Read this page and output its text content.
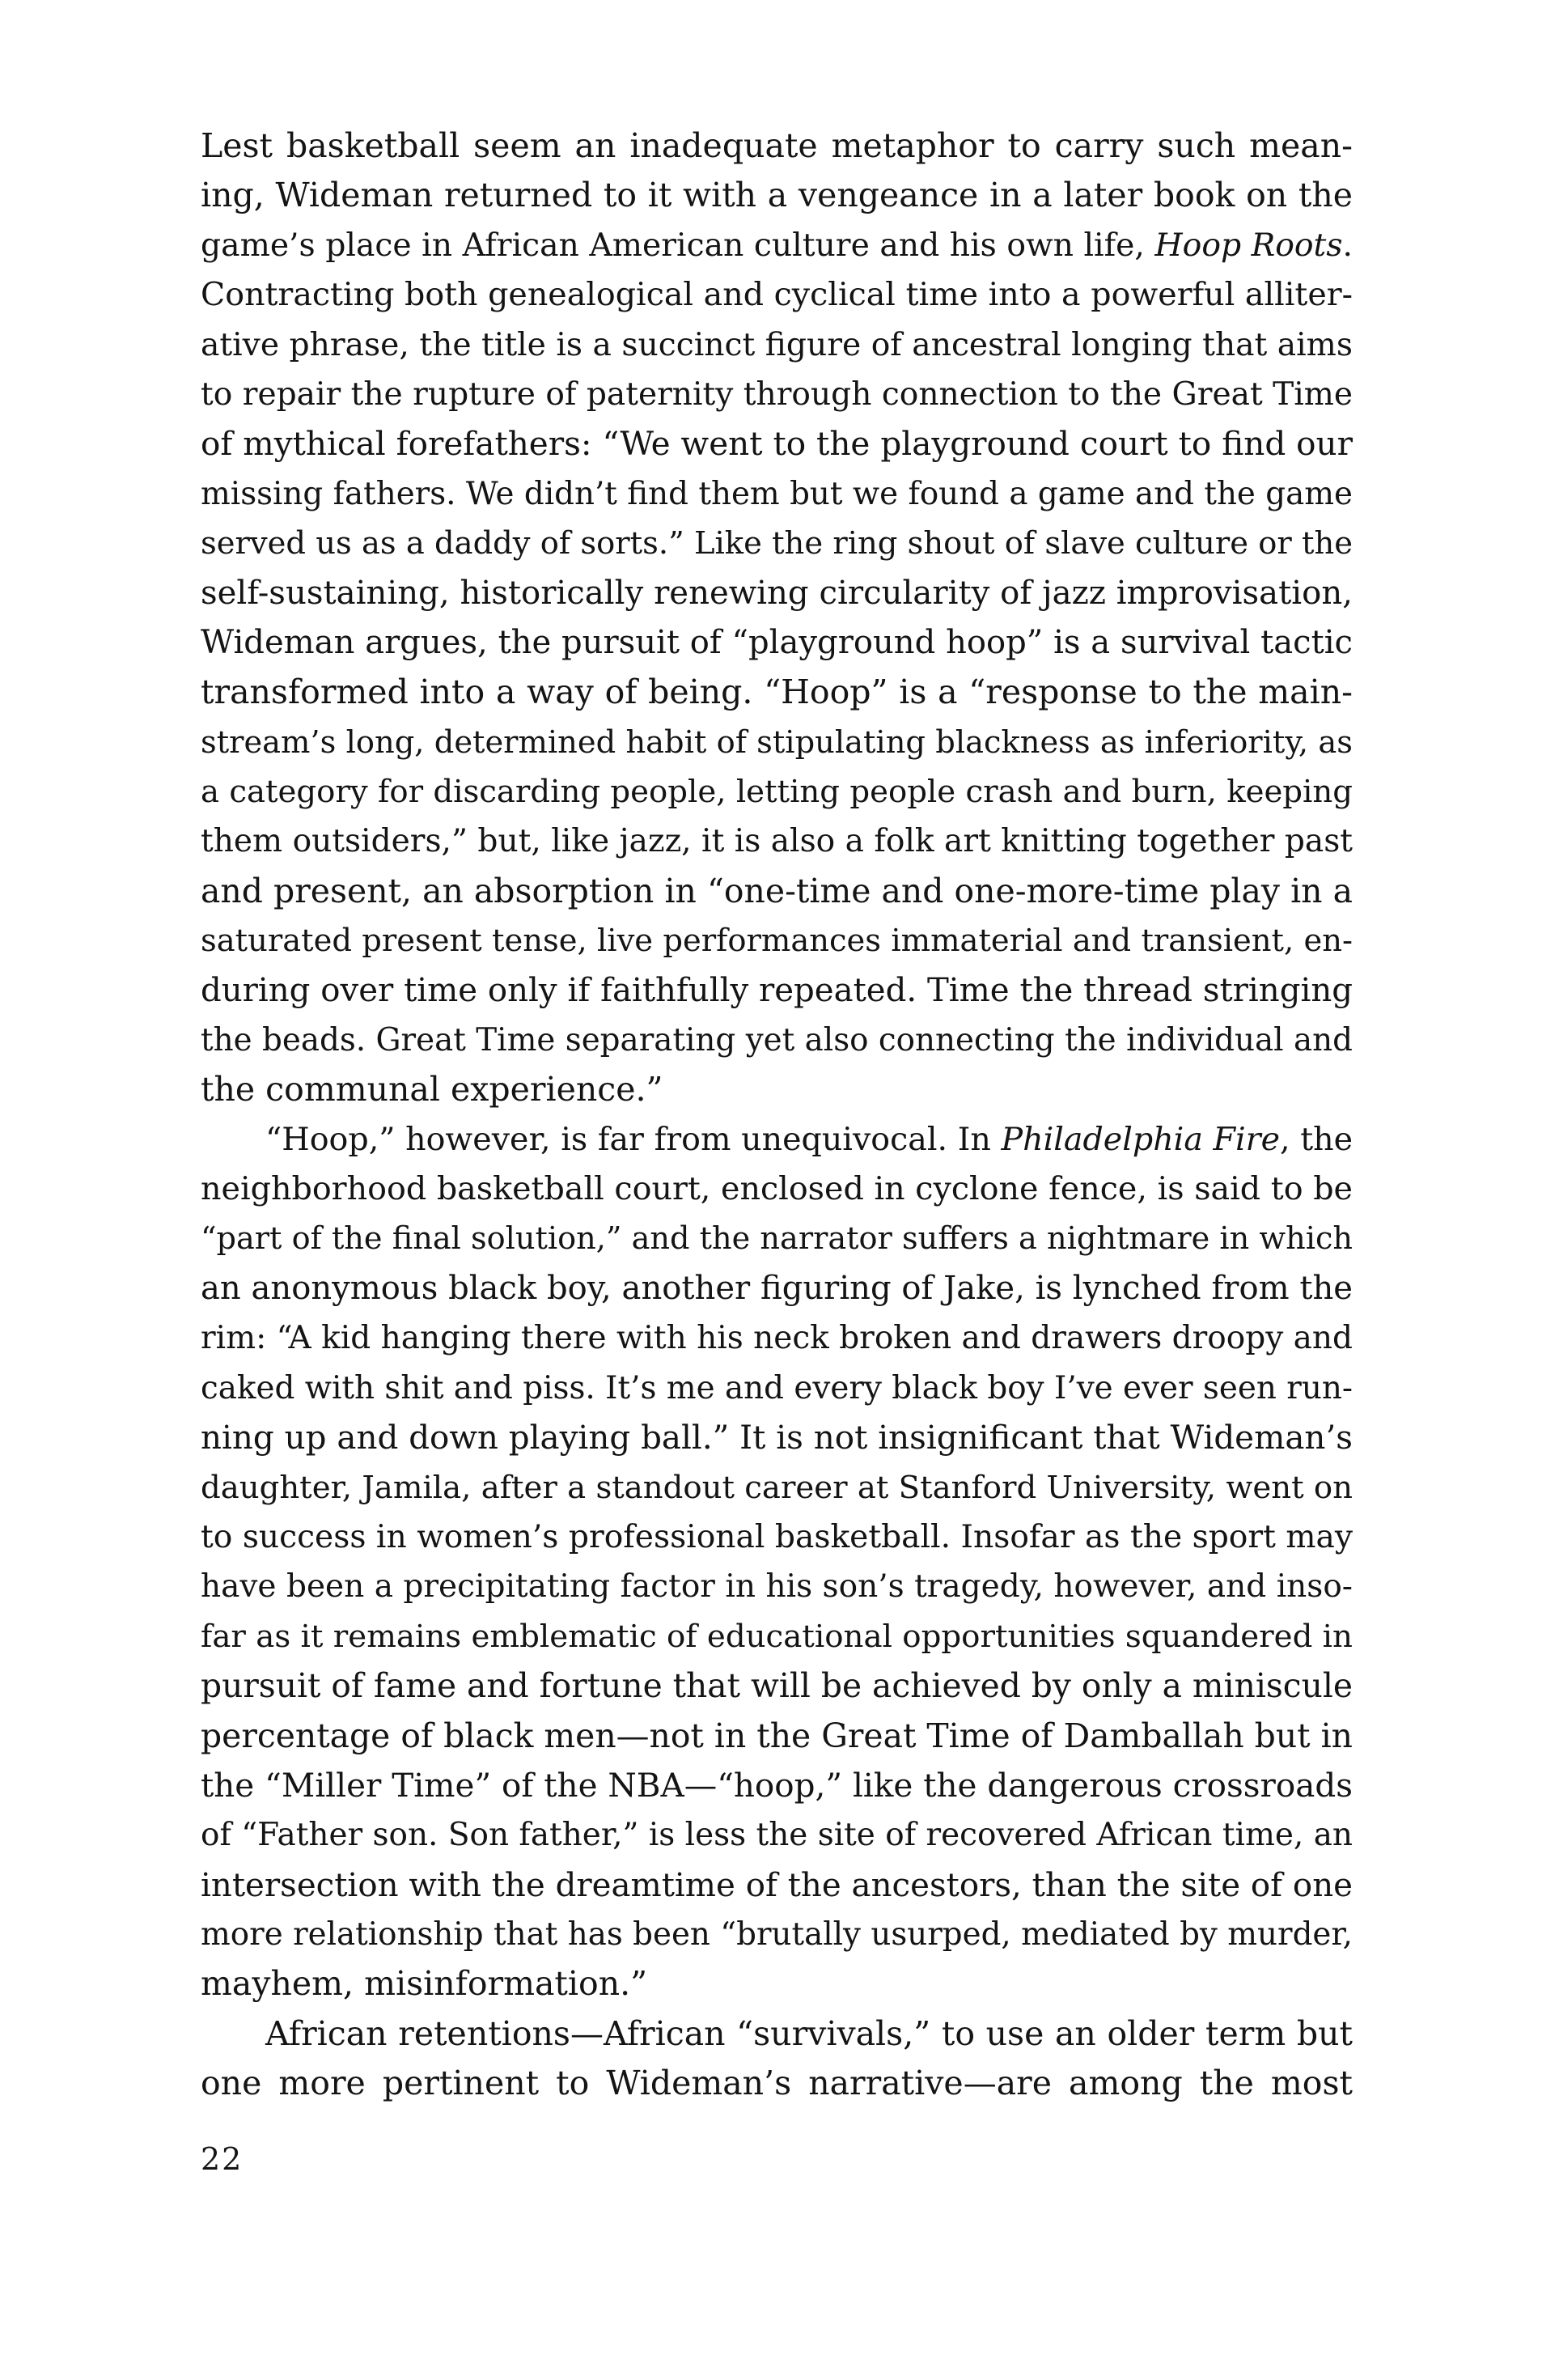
Lest basketball seem an inadequate metaphor to carry such mean-
ing, Wideman returned to it with a vengeance in a later book on the
game’s place in African American culture and his own life, Hoop Roots.
Contracting both genealogical and cyclical time into a powerful alliter-
ative phrase, the title is a succinct figure of ancestral longing that aims
to repair the rupture of paternity through connection to the Great Time
of mythical forefathers: “We went to the playground court to find our
missing fathers. We didn’t find them but we found a game and the game
served us as a daddy of sorts.” Like the ring shout of slave culture or the
self-sustaining, historically renewing circularity of jazz improvisation,
Wideman argues, the pursuit of “playground hoop” is a survival tactic
transformed into a way of being. “Hoop” is a “response to the main-
stream’s long, determined habit of stipulating blackness as inferiority, as
a category for discarding people, letting people crash and burn, keeping
them outsiders,” but, like jazz, it is also a folk art knitting together past
and present, an absorption in “one-time and one-more-time play in a
saturated present tense, live performances immaterial and transient, en-
during over time only if faithfully repeated. Time the thread stringing
the beads. Great Time separating yet also connecting the individual and
the communal experience.”
“Hoop,” however, is far from unequivocal. In Philadelphia Fire, the
neighborhood basketball court, enclosed in cyclone fence, is said to be
“part of the final solution,” and the narrator suffers a nightmare in which
an anonymous black boy, another figuring of Jake, is lynched from the
rim: “A kid hanging there with his neck broken and drawers droopy and
caked with shit and piss. It’s me and every black boy I’ve ever seen run-
ning up and down playing ball.” It is not insignificant that Wideman’s
daughter, Jamila, after a standout career at Stanford University, went on
to success in women’s professional basketball. Insofar as the sport may
have been a precipitating factor in his son’s tragedy, however, and inso-
far as it remains emblematic of educational opportunities squandered in
pursuit of fame and fortune that will be achieved by only a miniscule
percentage of black men—not in the Great Time of Damballah but in
the “Miller Time” of the NBA—“hoop,” like the dangerous crossroads
of “Father son. Son father,” is less the site of recovered African time, an
intersection with the dreamtime of the ancestors, than the site of one
more relationship that has been “brutally usurped, mediated by murder,
mayhem, misinformation.”
African retentions—African “survivals,” to use an older term but
one more pertinent to Wideman’s narrative—are among the most
22
